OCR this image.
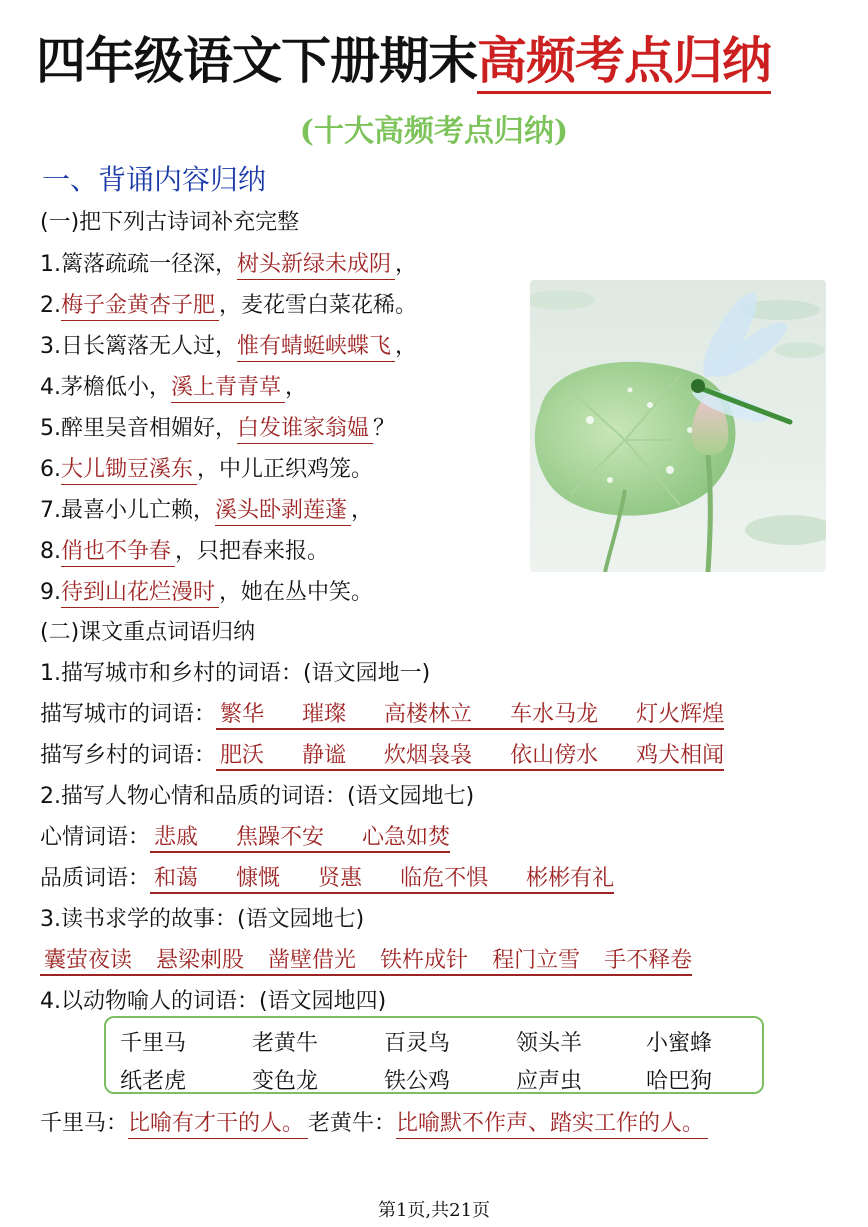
四年级语文下册期末高频考点归纳
(十大高频考点归纳)
一、背诵内容归纳
(一)把下列古诗词补充完整
1.篱落疏疏一径深，树头新绿未成阴 ，
2.梅子金黄杏子肥 ，麦花雪白菜花稀。
3.日长篱落无人过，惟有蜻蜓峡蝶飞 ，
4.茅檐低小，溪上青青草 ，
5.醉里吴音相媚好，白发谁家翁媪 ？
6.大儿锄豆溪东 ，中儿正织鸡笼。
7.最喜小儿亡赖，溪头卧剥莲蓬 ，
8.俏也不争春 ，只把春来报。
9.待到山花烂漫时 ，她在丛中笑。
(二)课文重点词语归纳
1.描写城市和乡村的词语：(语文园地一)
描写城市的词语： 繁华 璀璨 高楼林立 车水马龙 灯火辉煌
描写乡村的词语： 肥沃 静谧 炊烟袅袅 依山傍水 鸡犬相闻
2.描写人物心情和品质的词语：(语文园地七)
心情词语： 悲戚 焦躁不安 心急如焚
品质词语： 和蔼 慷慨 贤惠 临危不惧 彬彬有礼
3.读书求学的故事：(语文园地七)
囊萤夜读 悬梁刺股 凿壁借光 铁杵成针 程门立雪 手不释卷
4.以动物喻人的词语：(语文园地四)
千里马	老黄牛	百灵鸟	领头羊	小蜜蜂
纸老虎	变色龙	铁公鸡	应声虫	哈巴狗
千里马：比喻有才干的人。 老黄牛：比喻默不作声、踏实工作的人。
第1页,共21页
